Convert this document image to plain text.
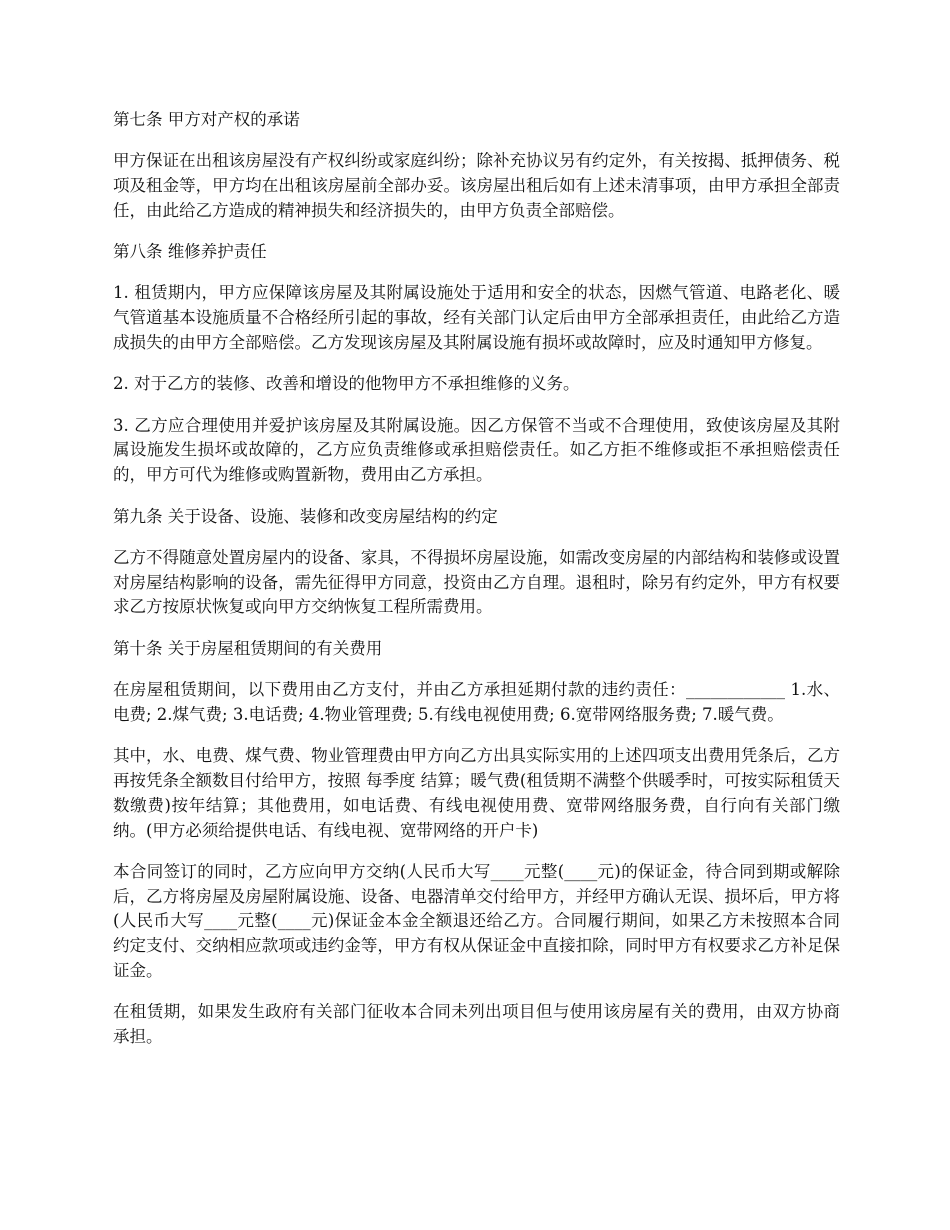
第七条 甲方对产权的承诺

甲方保证在出租该房屋没有产权纠纷或家庭纠纷；除补充协议另有约定外，有关按揭、抵押债务、税项及租金等，甲方均在出租该房屋前全部办妥。该房屋出租后如有上述未清事项，由甲方承担全部责任，由此给乙方造成的精神损失和经济损失的，由甲方负责全部赔偿。

第八条 维修养护责任

1. 租赁期内，甲方应保障该房屋及其附属设施处于适用和安全的状态，因燃气管道、电路老化、暖气管道基本设施质量不合格经所引起的事故，经有关部门认定后由甲方全部承担责任，由此给乙方造成损失的由甲方全部赔偿。乙方发现该房屋及其附属设施有损坏或故障时，应及时通知甲方修复。

2. 对于乙方的装修、改善和增设的他物甲方不承担维修的义务。

3. 乙方应合理使用并爱护该房屋及其附属设施。因乙方保管不当或不合理使用，致使该房屋及其附属设施发生损坏或故障的，乙方应负责维修或承担赔偿责任。如乙方拒不维修或拒不承担赔偿责任的，甲方可代为维修或购置新物，费用由乙方承担。

第九条 关于设备、设施、装修和改变房屋结构的约定

乙方不得随意处置房屋内的设备、家具，不得损坏房屋设施，如需改变房屋的内部结构和装修或设置对房屋结构影响的设备，需先征得甲方同意，投资由乙方自理。退租时，除另有约定外，甲方有权要求乙方按原状恢复或向甲方交纳恢复工程所需费用。

第十条 关于房屋租赁期间的有关费用

在房屋租赁期间，以下费用由乙方支付，并由乙方承担延期付款的违约责任：____________ 1.水、电费; 2.煤气费; 3.电话费; 4.物业管理费; 5.有线电视使用费; 6.宽带网络服务费; 7.暖气费。

其中，水、电费、煤气费、物业管理费由甲方向乙方出具实际实用的上述四项支出费用凭条后，乙方再按凭条全额数目付给甲方，按照 每季度 结算；暖气费(租赁期不满整个供暖季时，可按实际租赁天数缴费)按年结算；其他费用，如电话费、有线电视使用费、宽带网络服务费，自行向有关部门缴纳。(甲方必须给提供电话、有线电视、宽带网络的开户卡)

本合同签订的同时，乙方应向甲方交纳(人民币大写____元整(____元)的保证金，待合同到期或解除后，乙方将房屋及房屋附属设施、设备、电器清单交付给甲方，并经甲方确认无误、损坏后，甲方将(人民币大写____元整(____元)保证金本金全额退还给乙方。合同履行期间，如果乙方未按照本合同约定支付、交纳相应款项或违约金等，甲方有权从保证金中直接扣除，同时甲方有权要求乙方补足保证金。

在租赁期，如果发生政府有关部门征收本合同未列出项目但与使用该房屋有关的费用，由双方协商 承担。
